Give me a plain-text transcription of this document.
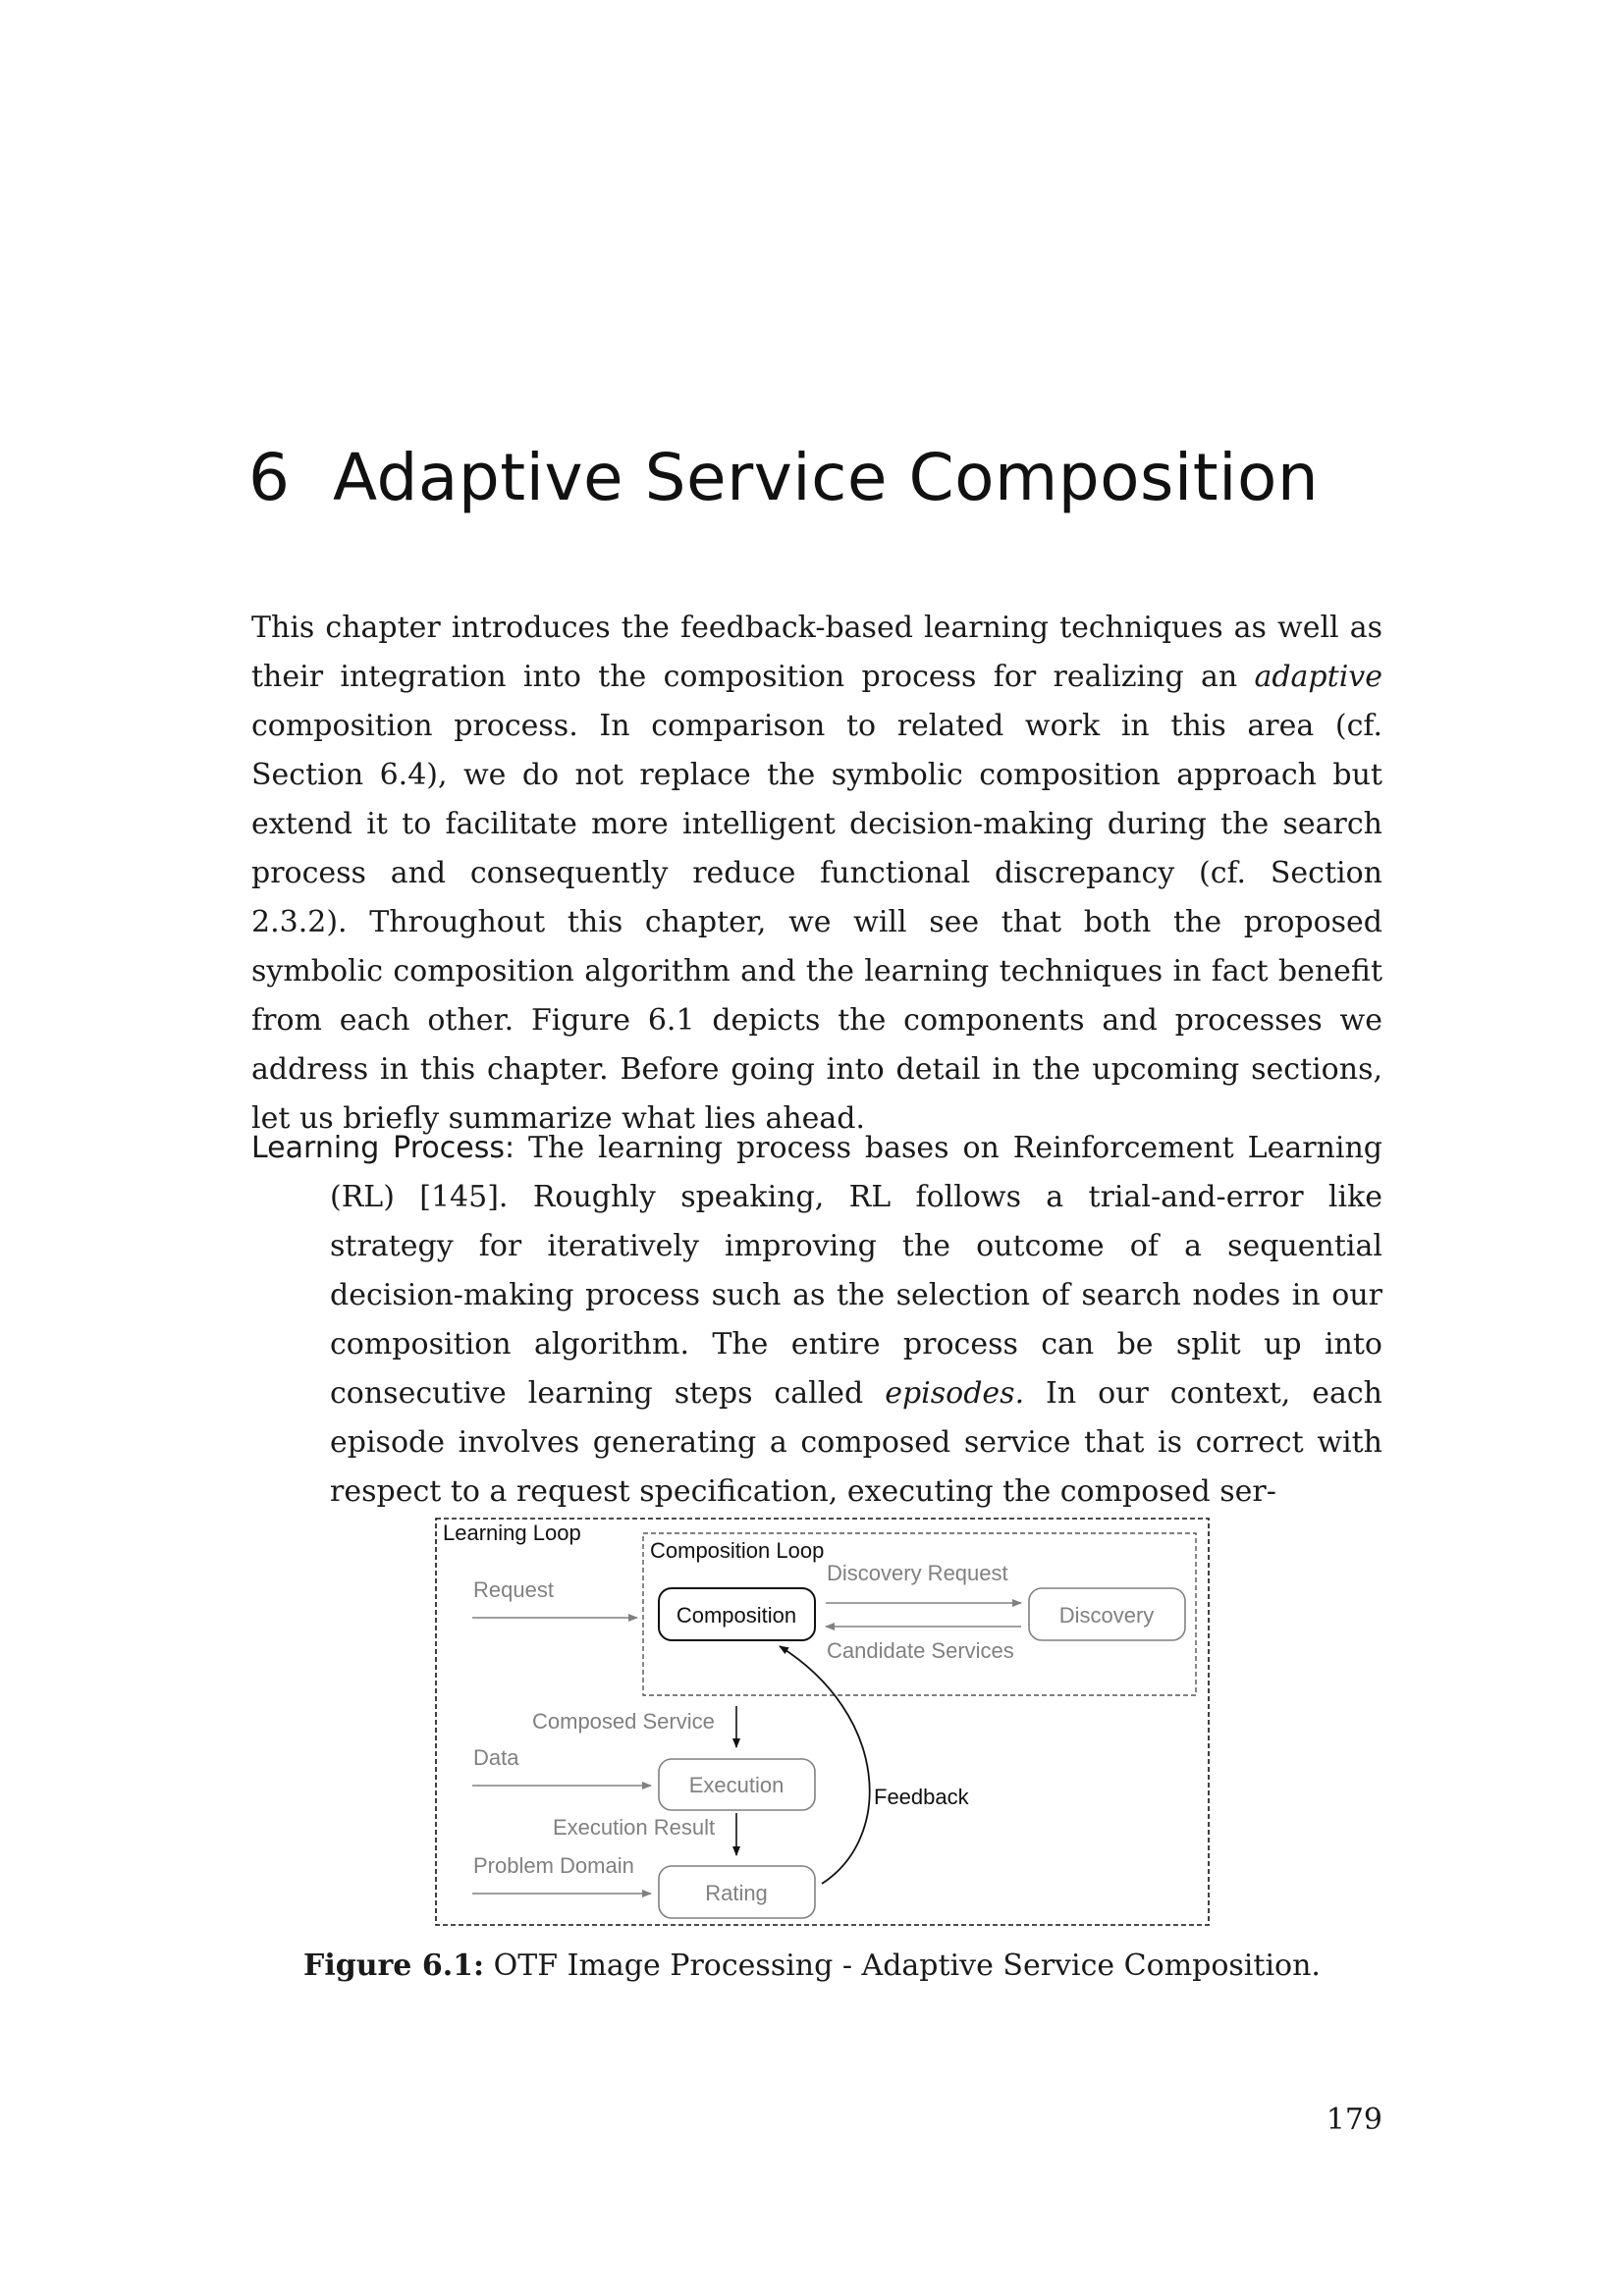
6 Adaptive Service Composition

This chapter introduces the feedback-based learning techniques as well as their integration into the composition process for realizing an adaptive composition process. In comparison to related work in this area (cf. Section 6.4), we do not replace the symbolic composition approach but extend it to facilitate more intelligent decision-making during the search process and consequently reduce functional discrepancy (cf. Section 2.3.2). Throughout this chapter, we will see that both the proposed symbolic composition algorithm and the learning techniques in fact benefit from each other. Figure 6.1 depicts the components and processes we address in this chapter. Before going into detail in the upcoming sections, let us briefly summarize what lies ahead.

Learning Process: The learning process bases on Reinforcement Learning (RL) [145]. Roughly speaking, RL follows a trial-and-error like strategy for iteratively improving the outcome of a sequential decision-making process such as the selection of search nodes in our composition algorithm. The entire process can be split up into consecutive learning steps called episodes. In our context, each episode involves generating a composed service that is correct with respect to a request specification, executing the composed ser-

Learning Loop
Composition Loop
Request
Composition
Discovery Request
Discovery
Candidate Services
Composed Service
Data
Execution
Execution Result
Problem Domain
Rating
Feedback

Figure 6.1: OTF Image Processing - Adaptive Service Composition.

179
